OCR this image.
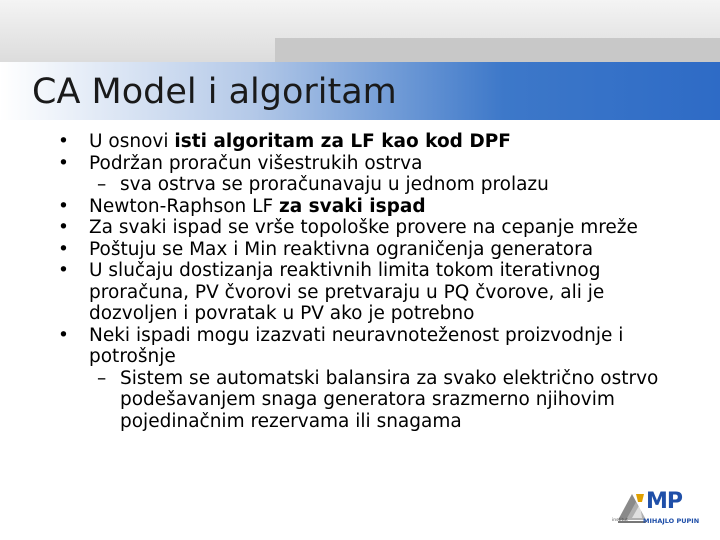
CA Model i algoritam
• U osnovi isti algoritam za LF kao kod DPF
• Podržan proračun višestrukih ostrva
– sva ostrva se proračunavaju u jednom prolazu
• Newton-Raphson LF za svaki ispad
• Za svaki ispad se vrše topološke provere na cepanje mreže
• Poštuju se Max i Min reaktivna ograničenja generatora
• U slučaju dostizanja reaktivnih limita tokom iterativnog proračuna, PV čvorovi se pretvaraju u PQ čvorove, ali je dozvoljen i povratak u PV ako je potrebno
• Neki ispadi mogu izazvati neuravnoteženost proizvodnje i potrošnje
– Sistem se automatski balansira za svako električno ostrvo podešavanjem snaga generatora srazmerno njihovim pojedinačnim rezervama ili snagama
MP
MIHAJLO PUPIN
institut
